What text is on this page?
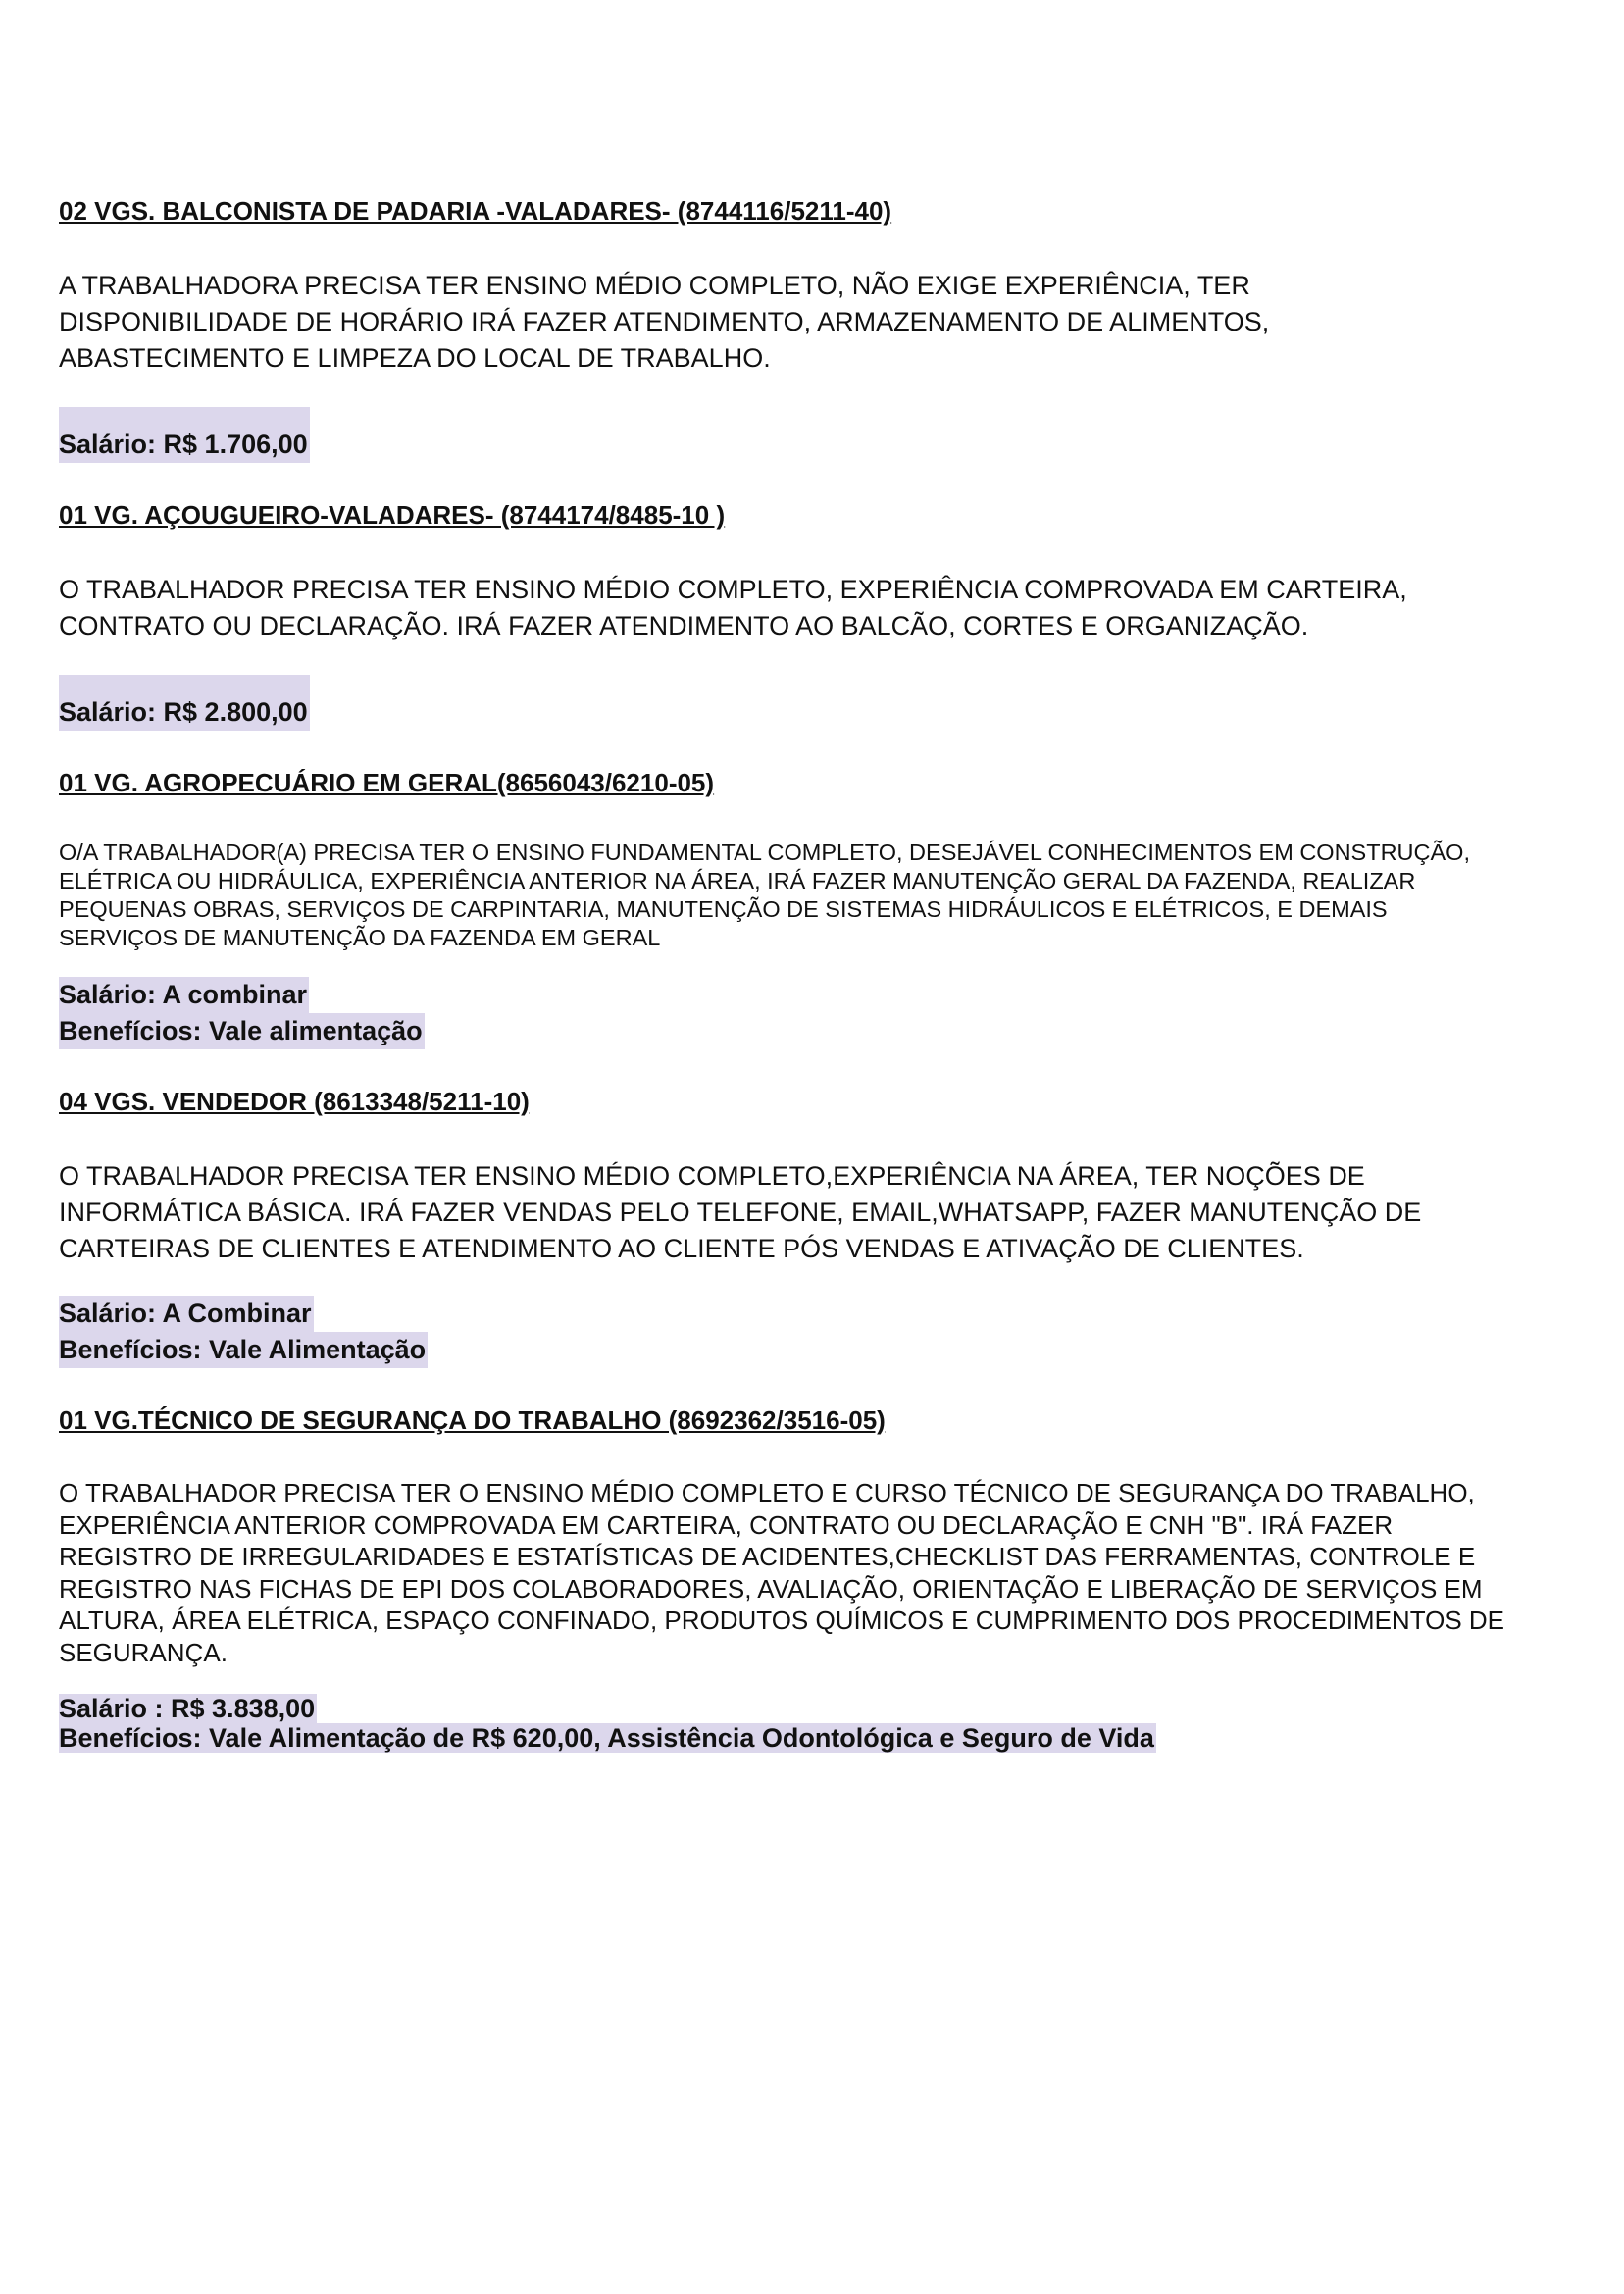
02 VGS. BALCONISTA DE PADARIA -VALADARES- (8744116/5211-40)

A TRABALHADORA PRECISA TER ENSINO MÉDIO COMPLETO, NÃO EXIGE EXPERIÊNCIA, TER DISPONIBILIDADE DE HORÁRIO IRÁ FAZER ATENDIMENTO, ARMAZENAMENTO DE ALIMENTOS, ABASTECIMENTO E LIMPEZA DO LOCAL DE TRABALHO.

Salário: R$ 1.706,00

01 VG. AÇOUGUEIRO-VALADARES- (8744174/8485-10 )

O TRABALHADOR PRECISA TER ENSINO MÉDIO COMPLETO, EXPERIÊNCIA COMPROVADA EM CARTEIRA, CONTRATO OU DECLARAÇÃO. IRÁ FAZER ATENDIMENTO AO BALCÃO, CORTES E ORGANIZAÇÃO.

Salário: R$ 2.800,00

01 VG. AGROPECUÁRIO EM GERAL(8656043/6210-05)

O/A TRABALHADOR(A) PRECISA TER O ENSINO FUNDAMENTAL COMPLETO, DESEJÁVEL CONHECIMENTOS EM CONSTRUÇÃO, ELÉTRICA OU HIDRÁULICA, EXPERIÊNCIA ANTERIOR NA ÁREA, IRÁ FAZER MANUTENÇÃO GERAL DA FAZENDA, REALIZAR PEQUENAS OBRAS, SERVIÇOS DE CARPINTARIA, MANUTENÇÃO DE SISTEMAS HIDRÁULICOS E ELÉTRICOS, E DEMAIS SERVIÇOS DE MANUTENÇÃO DA FAZENDA EM GERAL

Salário: A combinar
Benefícios: Vale alimentação

04 VGS. VENDEDOR (8613348/5211-10)

O TRABALHADOR PRECISA TER ENSINO MÉDIO COMPLETO,EXPERIÊNCIA NA ÁREA, TER NOÇÕES DE INFORMÁTICA BÁSICA. IRÁ FAZER VENDAS PELO TELEFONE, EMAIL,WHATSAPP, FAZER MANUTENÇÃO DE CARTEIRAS DE CLIENTES E ATENDIMENTO AO CLIENTE PÓS VENDAS E ATIVAÇÃO DE CLIENTES.

Salário: A Combinar
Benefícios: Vale Alimentação

01 VG.TÉCNICO DE SEGURANÇA DO TRABALHO (8692362/3516-05)

O TRABALHADOR PRECISA TER O ENSINO MÉDIO COMPLETO E CURSO TÉCNICO DE SEGURANÇA DO TRABALHO, EXPERIÊNCIA ANTERIOR COMPROVADA EM CARTEIRA, CONTRATO OU DECLARAÇÃO E CNH "B". IRÁ FAZER REGISTRO DE IRREGULARIDADES E ESTATÍSTICAS DE ACIDENTES,CHECKLIST DAS FERRAMENTAS, CONTROLE E REGISTRO NAS FICHAS DE EPI DOS COLABORADORES, AVALIAÇÃO, ORIENTAÇÃO E LIBERAÇÃO DE SERVIÇOS EM ALTURA, ÁREA ELÉTRICA, ESPAÇO CONFINADO, PRODUTOS QUÍMICOS E CUMPRIMENTO DOS PROCEDIMENTOS DE SEGURANÇA.

Salário : R$ 3.838,00
Benefícios: Vale Alimentação de R$ 620,00, Assistência Odontológica e Seguro de Vida
